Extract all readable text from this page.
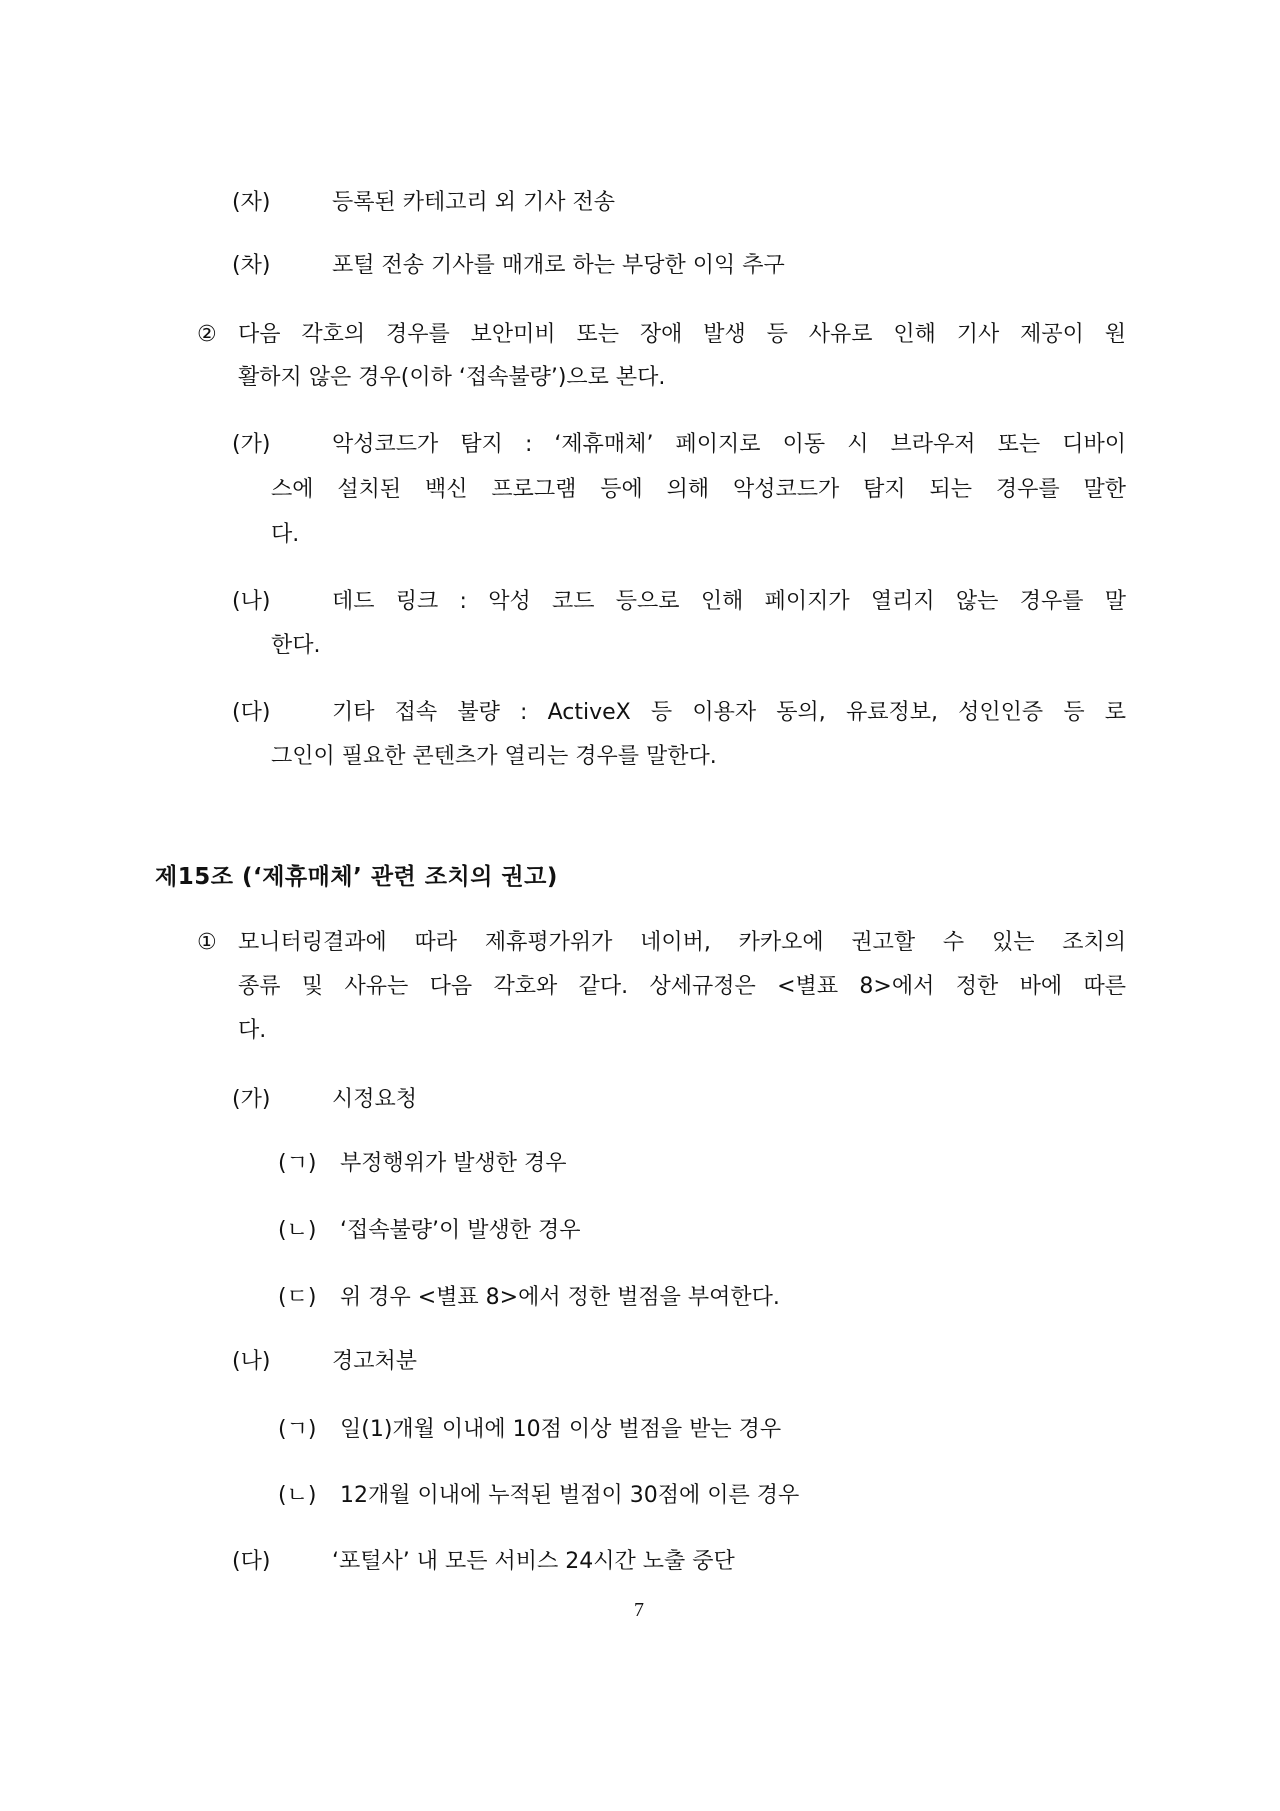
(자)	등록된 카테고리 외 기사 전송
(차)	포털 전송 기사를 매개로 하는 부당한 이익 추구
② 다음 각호의 경우를 보안미비 또는 장애 발생 등 사유로 인해 기사 제공이 원
활하지 않은 경우(이하 ‘접속불량’)으로 본다.
(가)	악성코드가 탐지 : ‘제휴매체’ 페이지로 이동 시 브라우저 또는 디바이
스에 설치된 백신 프로그램 등에 의해 악성코드가 탐지 되는 경우를 말한
다.
(나)	데드 링크 : 악성 코드 등으로 인해 페이지가 열리지 않는 경우를 말
한다.
(다)	기타 접속 불량 : ActiveX 등 이용자 동의, 유료정보, 성인인증 등 로
그인이 필요한 콘텐츠가 열리는 경우를 말한다.
제15조 (‘제휴매체’ 관련 조치의 권고)
① 모니터링결과에 따라 제휴평가위가 네이버, 카카오에 권고할 수 있는 조치의
종류 및 사유는 다음 각호와 같다. 상세규정은 <별표 8>에서 정한 바에 따른
다.
(가)	시정요청
(ㄱ) 부정행위가 발생한 경우
(ㄴ) ‘접속불량’이 발생한 경우
(ㄷ) 위 경우 <별표 8>에서 정한 벌점을 부여한다.
(나)	경고처분
(ㄱ) 일(1)개월 이내에 10점 이상 벌점을 받는 경우
(ㄴ) 12개월 이내에 누적된 벌점이 30점에 이른 경우
(다)	‘포털사’ 내 모든 서비스 24시간 노출 중단
7
